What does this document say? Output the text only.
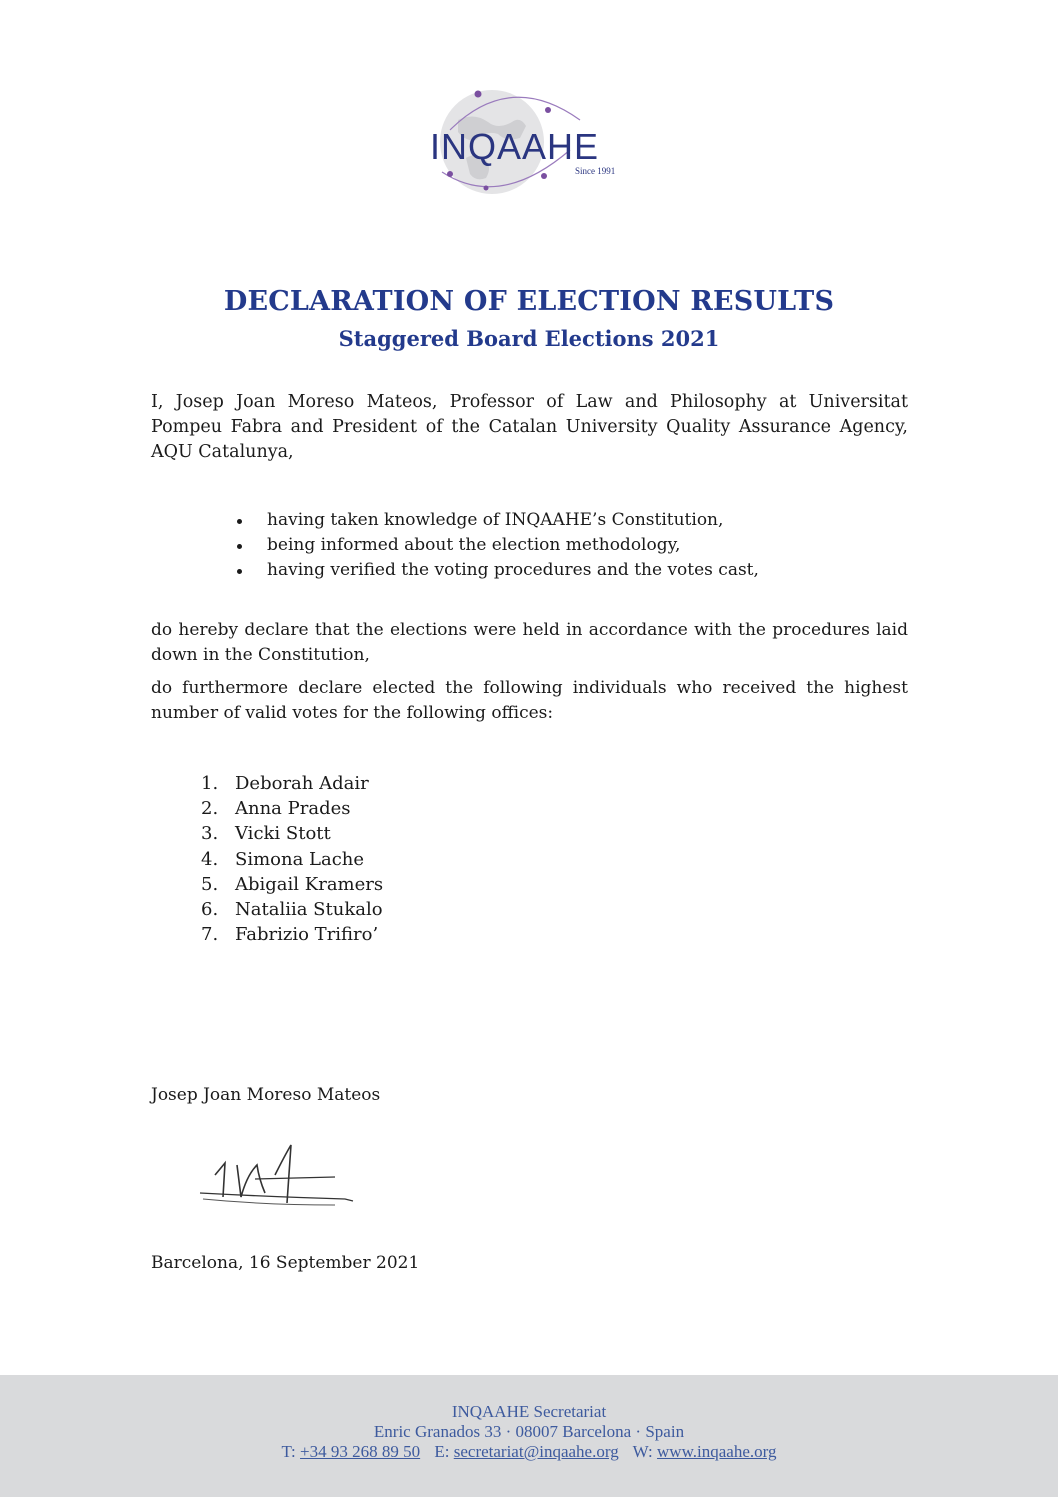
INQAAHE
Since 1991
DECLARATION OF ELECTION RESULTS
Staggered Board Elections 2021
I, Josep Joan Moreso Mateos, Professor of Law and Philosophy at Universitat Pompeu Fabra and President of the Catalan University Quality Assurance Agency, AQU Catalunya,
having taken knowledge of INQAAHE’s Constitution,
being informed about the election methodology,
having verified the voting procedures and the votes cast,
do hereby declare that the elections were held in accordance with the procedures laid down in the Constitution,
do furthermore declare elected the following individuals who received the highest number of valid votes for the following offices:
1. Deborah Adair
2. Anna Prades
3. Vicki Stott
4. Simona Lache
5. Abigail Kramers
6. Nataliia Stukalo
7. Fabrizio Trifiro’
Josep Joan Moreso Mateos
Barcelona, 16 September 2021
INQAAHE Secretariat
Enric Granados 33 · 08007 Barcelona · Spain
T: +34 93 268 89 50 E: secretariat@inqaahe.org W: www.inqaahe.org
